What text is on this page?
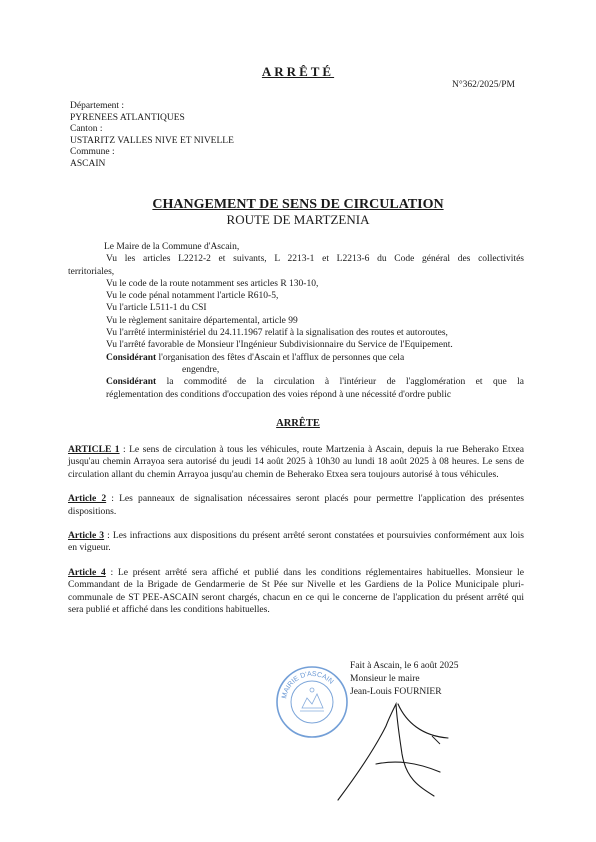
ARRÊTÉ
N°362/2025/PM
Département :
PYRENEES ATLANTIQUES
Canton :
USTARITZ VALLES NIVE ET NIVELLE
Commune :
ASCAIN
CHANGEMENT DE SENS DE CIRCULATION
ROUTE DE MARTZENIA
Le Maire de la Commune d'Ascain,
Vu les articles L2212-2 et suivants, L 2213-1 et L2213-6 du Code général des collectivités
territoriales,
Vu le code de la route notamment ses articles R 130-10,
Vu le code pénal notamment l'article R610-5,
Vu l'article L511-1 du CSI
Vu le règlement sanitaire départemental, article 99
Vu l'arrêté interministériel du 24.11.1967 relatif à la signalisation des routes et autoroutes,
Vu l'arrêté favorable de Monsieur l'Ingénieur Subdivisionnaire du Service de l'Equipement.
Considérant l'organisation des fêtes d'Ascain et l'afflux de personnes que cela
engendre,
Considérant la commodité de la circulation à l'intérieur de l'agglomération et que la
réglementation des conditions d'occupation des voies répond à une nécessité d'ordre public
ARRÊTE
ARTICLE 1 : Le sens de circulation à tous les véhicules, route Martzenia à Ascain, depuis la rue Beherako Etxea jusqu'au chemin Arrayoa sera autorisé du jeudi 14 août 2025 à 10h30 au lundi 18 août 2025 à 08 heures. Le sens de circulation allant du chemin Arrayoa jusqu'au chemin de Beherako Etxea sera toujours autorisé à tous véhicules.
Article 2 : Les panneaux de signalisation nécessaires seront placés pour permettre l'application des présentes dispositions.
Article 3 : Les infractions aux dispositions du présent arrêté seront constatées et poursuivies conformément aux lois en vigueur.
Article 4 : Le présent arrêté sera affiché et publié dans les conditions réglementaires habituelles. Monsieur le Commandant de la Brigade de Gendarmerie de St Pée sur Nivelle et les Gardiens de la Police Municipale pluri-communale de ST PEE-ASCAIN seront chargés, chacun en ce qui le concerne de l'application du présent arrêté qui sera publié et affiché dans les conditions habituelles.
MAIRIE D'ASCAIN
Fait à Ascain, le 6 août 2025
Monsieur le maire
Jean-Louis FOURNIER
